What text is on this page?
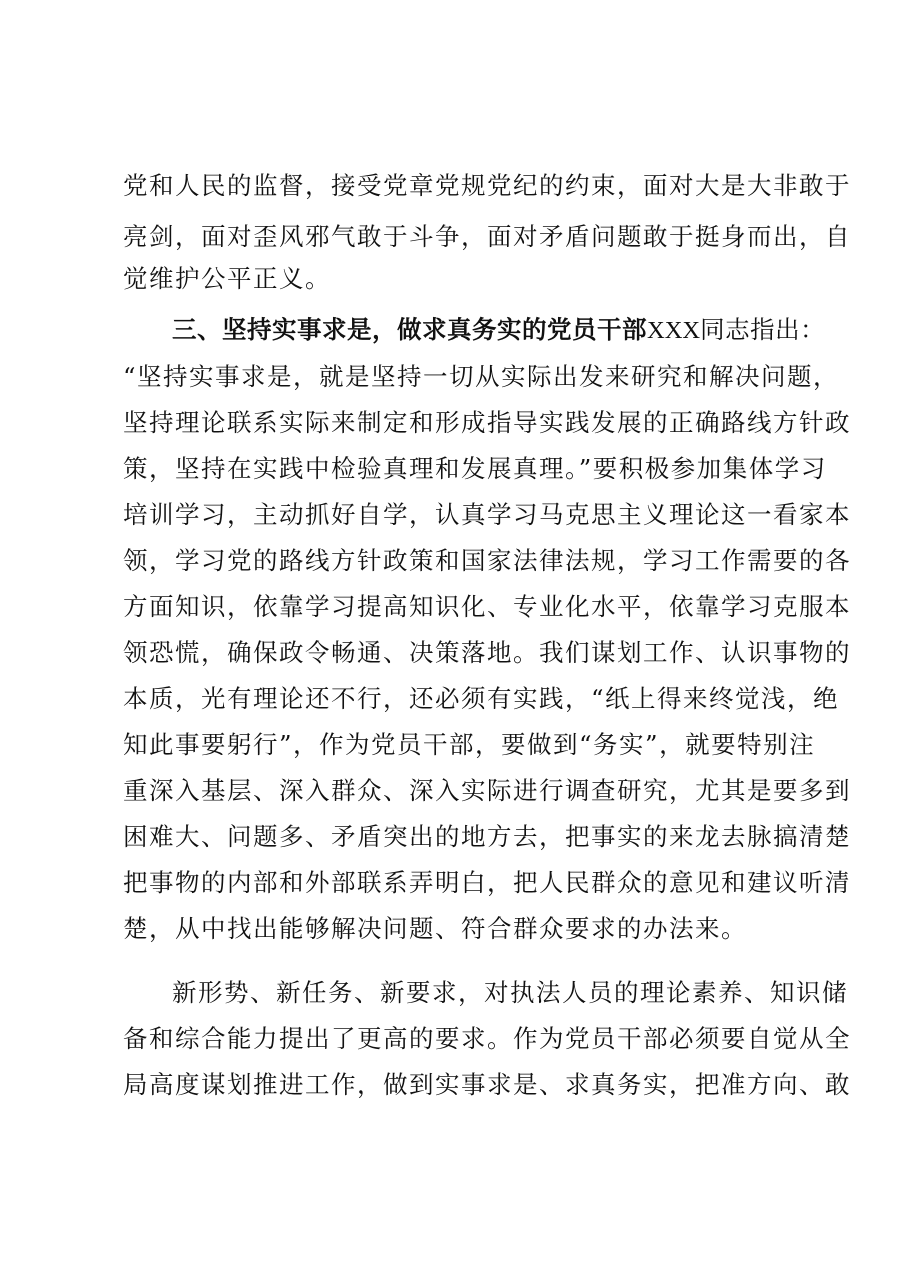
党和人民的监督，接受党章党规党纪的约束，面对大是大非敢于
亮剑，面对歪风邪气敢于斗争，面对矛盾问题敢于挺身而出，自
觉维护公平正义。
三、坚持实事求是，做求真务实的党员干部XXX同志指出：
“坚持实事求是，就是坚持一切从实际出发来研究和解决问题，
坚持理论联系实际来制定和形成指导实践发展的正确路线方针政
策，坚持在实践中检验真理和发展真理。”要积极参加集体学习
培训学习，主动抓好自学，认真学习马克思主义理论这一看家本
领，学习党的路线方针政策和国家法律法规，学习工作需要的各
方面知识，依靠学习提高知识化、专业化水平，依靠学习克服本
领恐慌，确保政令畅通、决策落地。我们谋划工作、认识事物的
本质，光有理论还不行，还必须有实践，“纸上得来终觉浅，绝
知此事要躬行”，作为党员干部，要做到“务实”，就要特别注
重深入基层、深入群众、深入实际进行调查研究，尤其是要多到
困难大、问题多、矛盾突出的地方去，把事实的来龙去脉搞清楚
把事物的内部和外部联系弄明白，把人民群众的意见和建议听清
楚，从中找出能够解决问题、符合群众要求的办法来。
新形势、新任务、新要求，对执法人员的理论素养、知识储
备和综合能力提出了更高的要求。作为党员干部必须要自觉从全
局高度谋划推进工作，做到实事求是、求真务实，把准方向、敢
